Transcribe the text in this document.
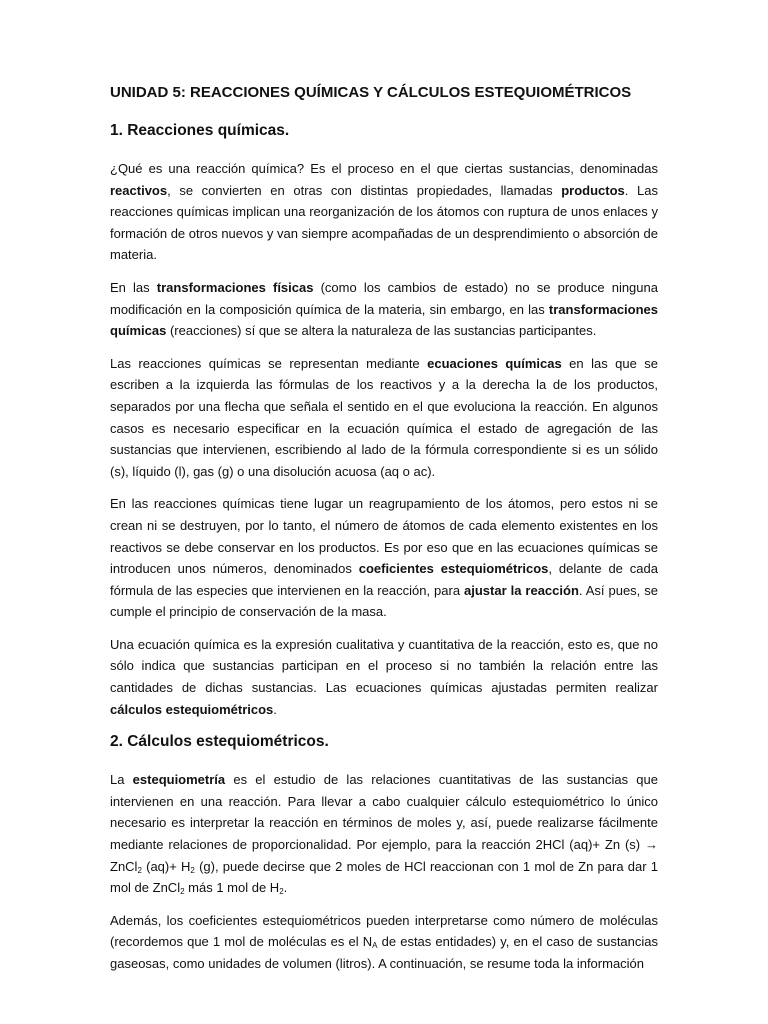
UNIDAD 5: REACCIONES QUÍMICAS Y CÁLCULOS ESTEQUIOMÉTRICOS
1. Reacciones químicas.

¿Qué es una reacción química? Es el proceso en el que ciertas sustancias, denominadas reactivos, se convierten en otras con distintas propiedades, llamadas productos. Las reacciones químicas implican una reorganización de los átomos con ruptura de unos enlaces y formación de otros nuevos y van siempre acompañadas de un desprendimiento o absorción de materia.

En las transformaciones físicas (como los cambios de estado) no se produce ninguna modificación en la composición química de la materia, sin embargo, en las transformaciones químicas (reacciones) sí que se altera la naturaleza de las sustancias participantes.

Las reacciones químicas se representan mediante ecuaciones químicas en las que se escriben a la izquierda las fórmulas de los reactivos y a la derecha la de los productos, separados por una flecha que señala el sentido en el que evoluciona la reacción. En algunos casos es necesario especificar en la ecuación química el estado de agregación de las sustancias que intervienen, escribiendo al lado de la fórmula correspondiente si es un sólido (s), líquido (l), gas (g) o una disolución acuosa (aq o ac).

En las reacciones químicas tiene lugar un reagrupamiento de los átomos, pero estos ni se crean ni se destruyen, por lo tanto, el número de átomos de cada elemento existentes en los reactivos se debe conservar en los productos. Es por eso que en las ecuaciones químicas se introducen unos números, denominados coeficientes estequiométricos, delante de cada fórmula de las especies que intervienen en la reacción, para ajustar la reacción. Así pues, se cumple el principio de conservación de la masa.

Una ecuación química es la expresión cualitativa y cuantitativa de la reacción, esto es, que no sólo indica que sustancias participan en el proceso si no también la relación entre las cantidades de dichas sustancias. Las ecuaciones químicas ajustadas permiten realizar cálculos estequiométricos.

2. Cálculos estequiométricos.

La estequiometría es el estudio de las relaciones cuantitativas de las sustancias que intervienen en una reacción. Para llevar a cabo cualquier cálculo estequiométrico lo único necesario es interpretar la reacción en términos de moles y, así, puede realizarse fácilmente mediante relaciones de proporcionalidad. Por ejemplo, para la reacción 2HCl (aq)+ Zn (s) → ZnCl$_2$ $(aq)+ H_2$ (g), puede decirse que 2 moles de HCl reaccionan con 1 mol de Zn para dar 1 mol de ZnCl$_2$ más 1 mol de $H_2$.

Además, los coeficientes estequiométricos pueden interpretarse como número de moléculas (recordemos que 1 mol de moléculas es el $N_A$ de estas entidades) y, en el caso de sustancias gaseosas, como unidades de volumen (litros). A continuación, se resume toda la información
